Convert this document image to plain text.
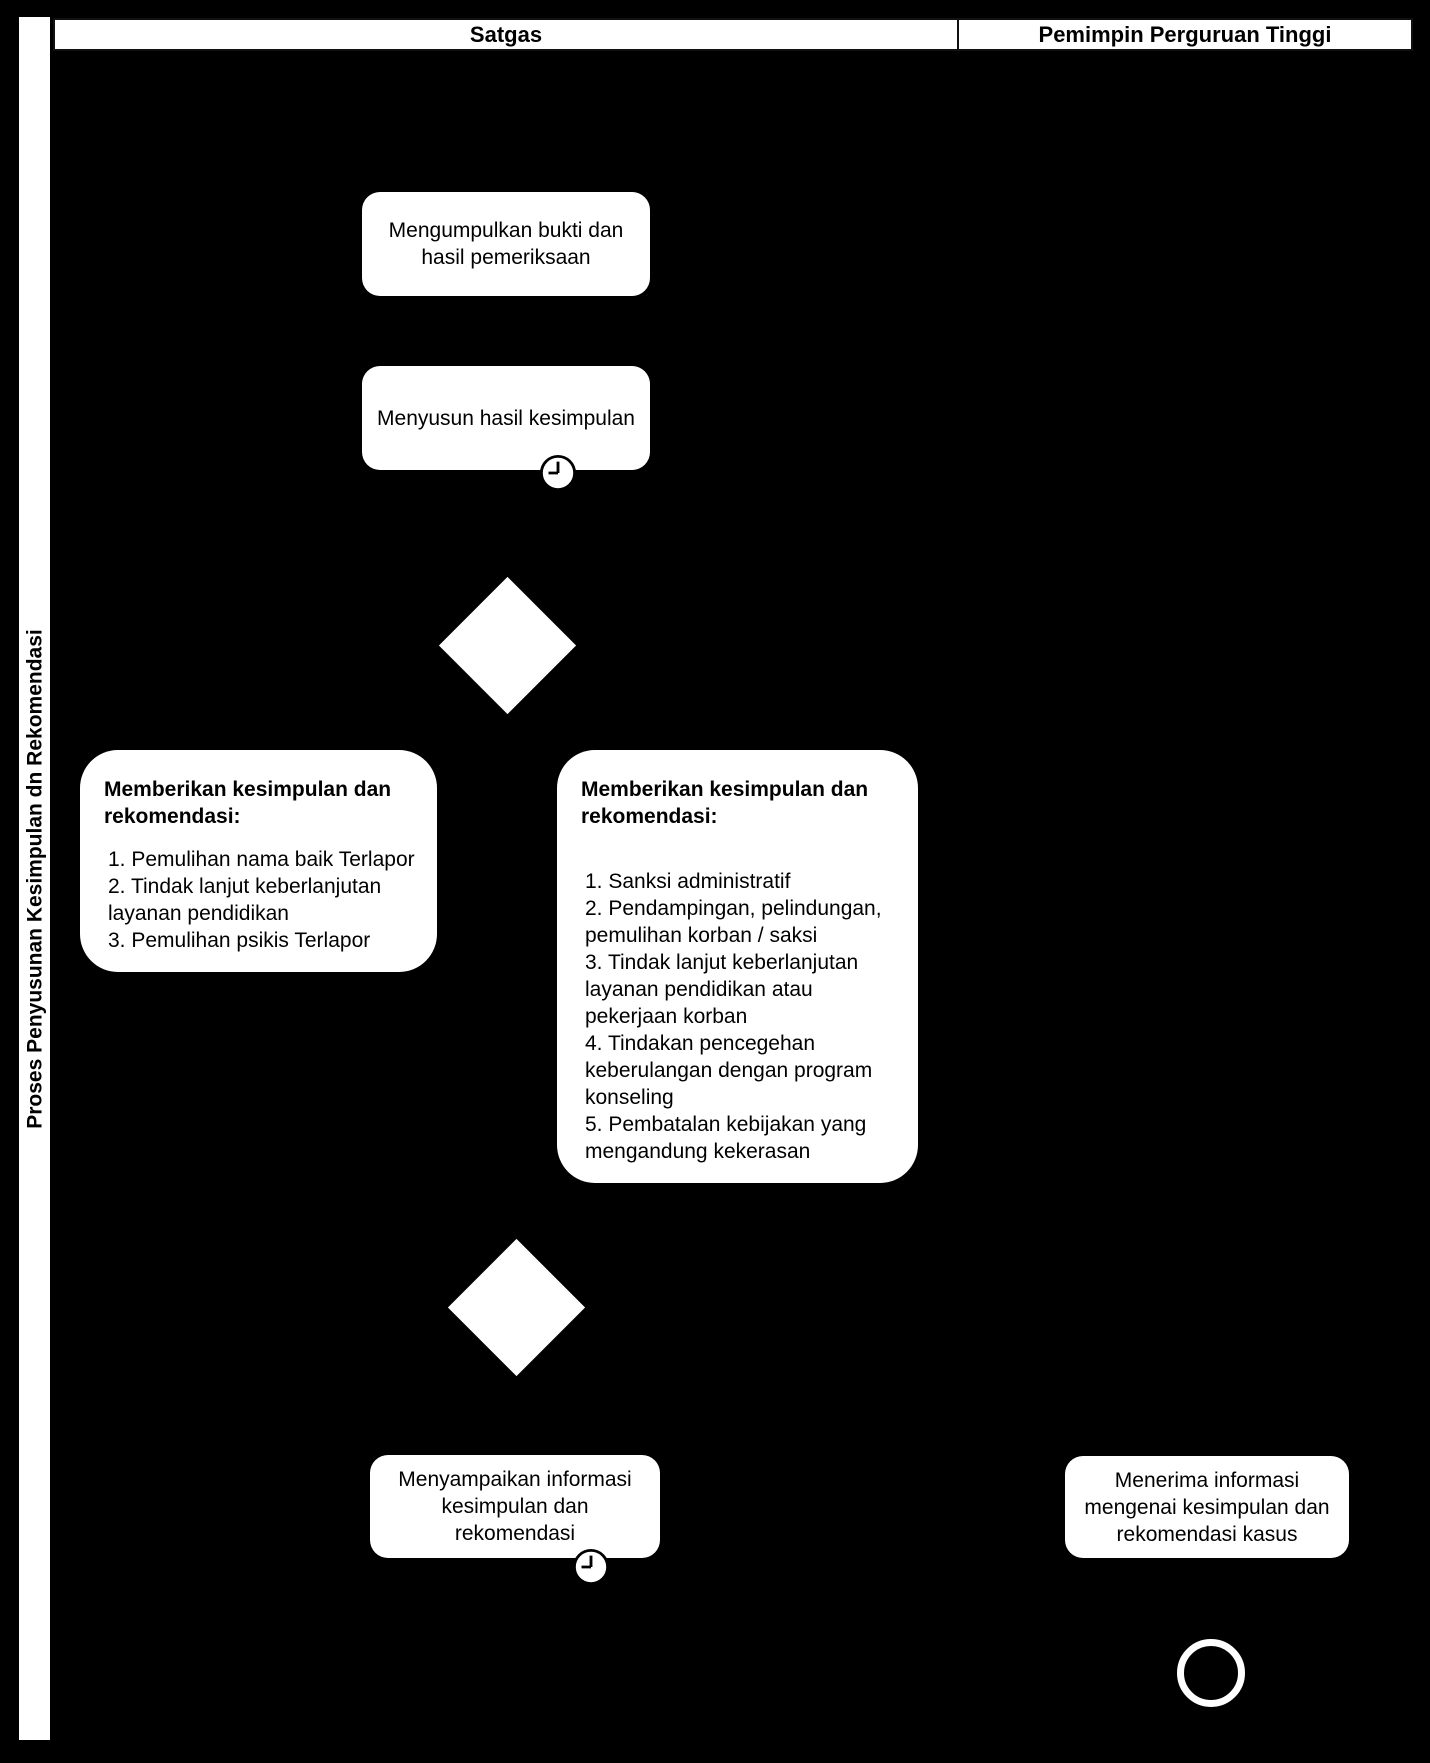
Proses Penyusunan Kesimpulan dn Rekomendasi
Satgas	Pemimpin Perguruan Tinggi
Mengumpulkan bukti dan hasil pemeriksaan
Menyusun hasil kesimpulan
Memberikan kesimpulan dan rekomendasi:
1. Pemulihan nama baik Terlapor
2. Tindak lanjut keberlanjutan layanan pendidikan
3. Pemulihan psikis Terlapor
Memberikan kesimpulan dan rekomendasi:
1. Sanksi administratif
2. Pendampingan, pelindungan, pemulihan korban / saksi
3. Tindak lanjut keberlanjutan layanan pendidikan atau pekerjaan korban
4. Tindakan pencegehan keberulangan dengan program konseling
5. Pembatalan kebijakan yang mengandung kekerasan
Menyampaikan informasi kesimpulan dan rekomendasi
Menerima informasi mengenai kesimpulan dan rekomendasi kasus
